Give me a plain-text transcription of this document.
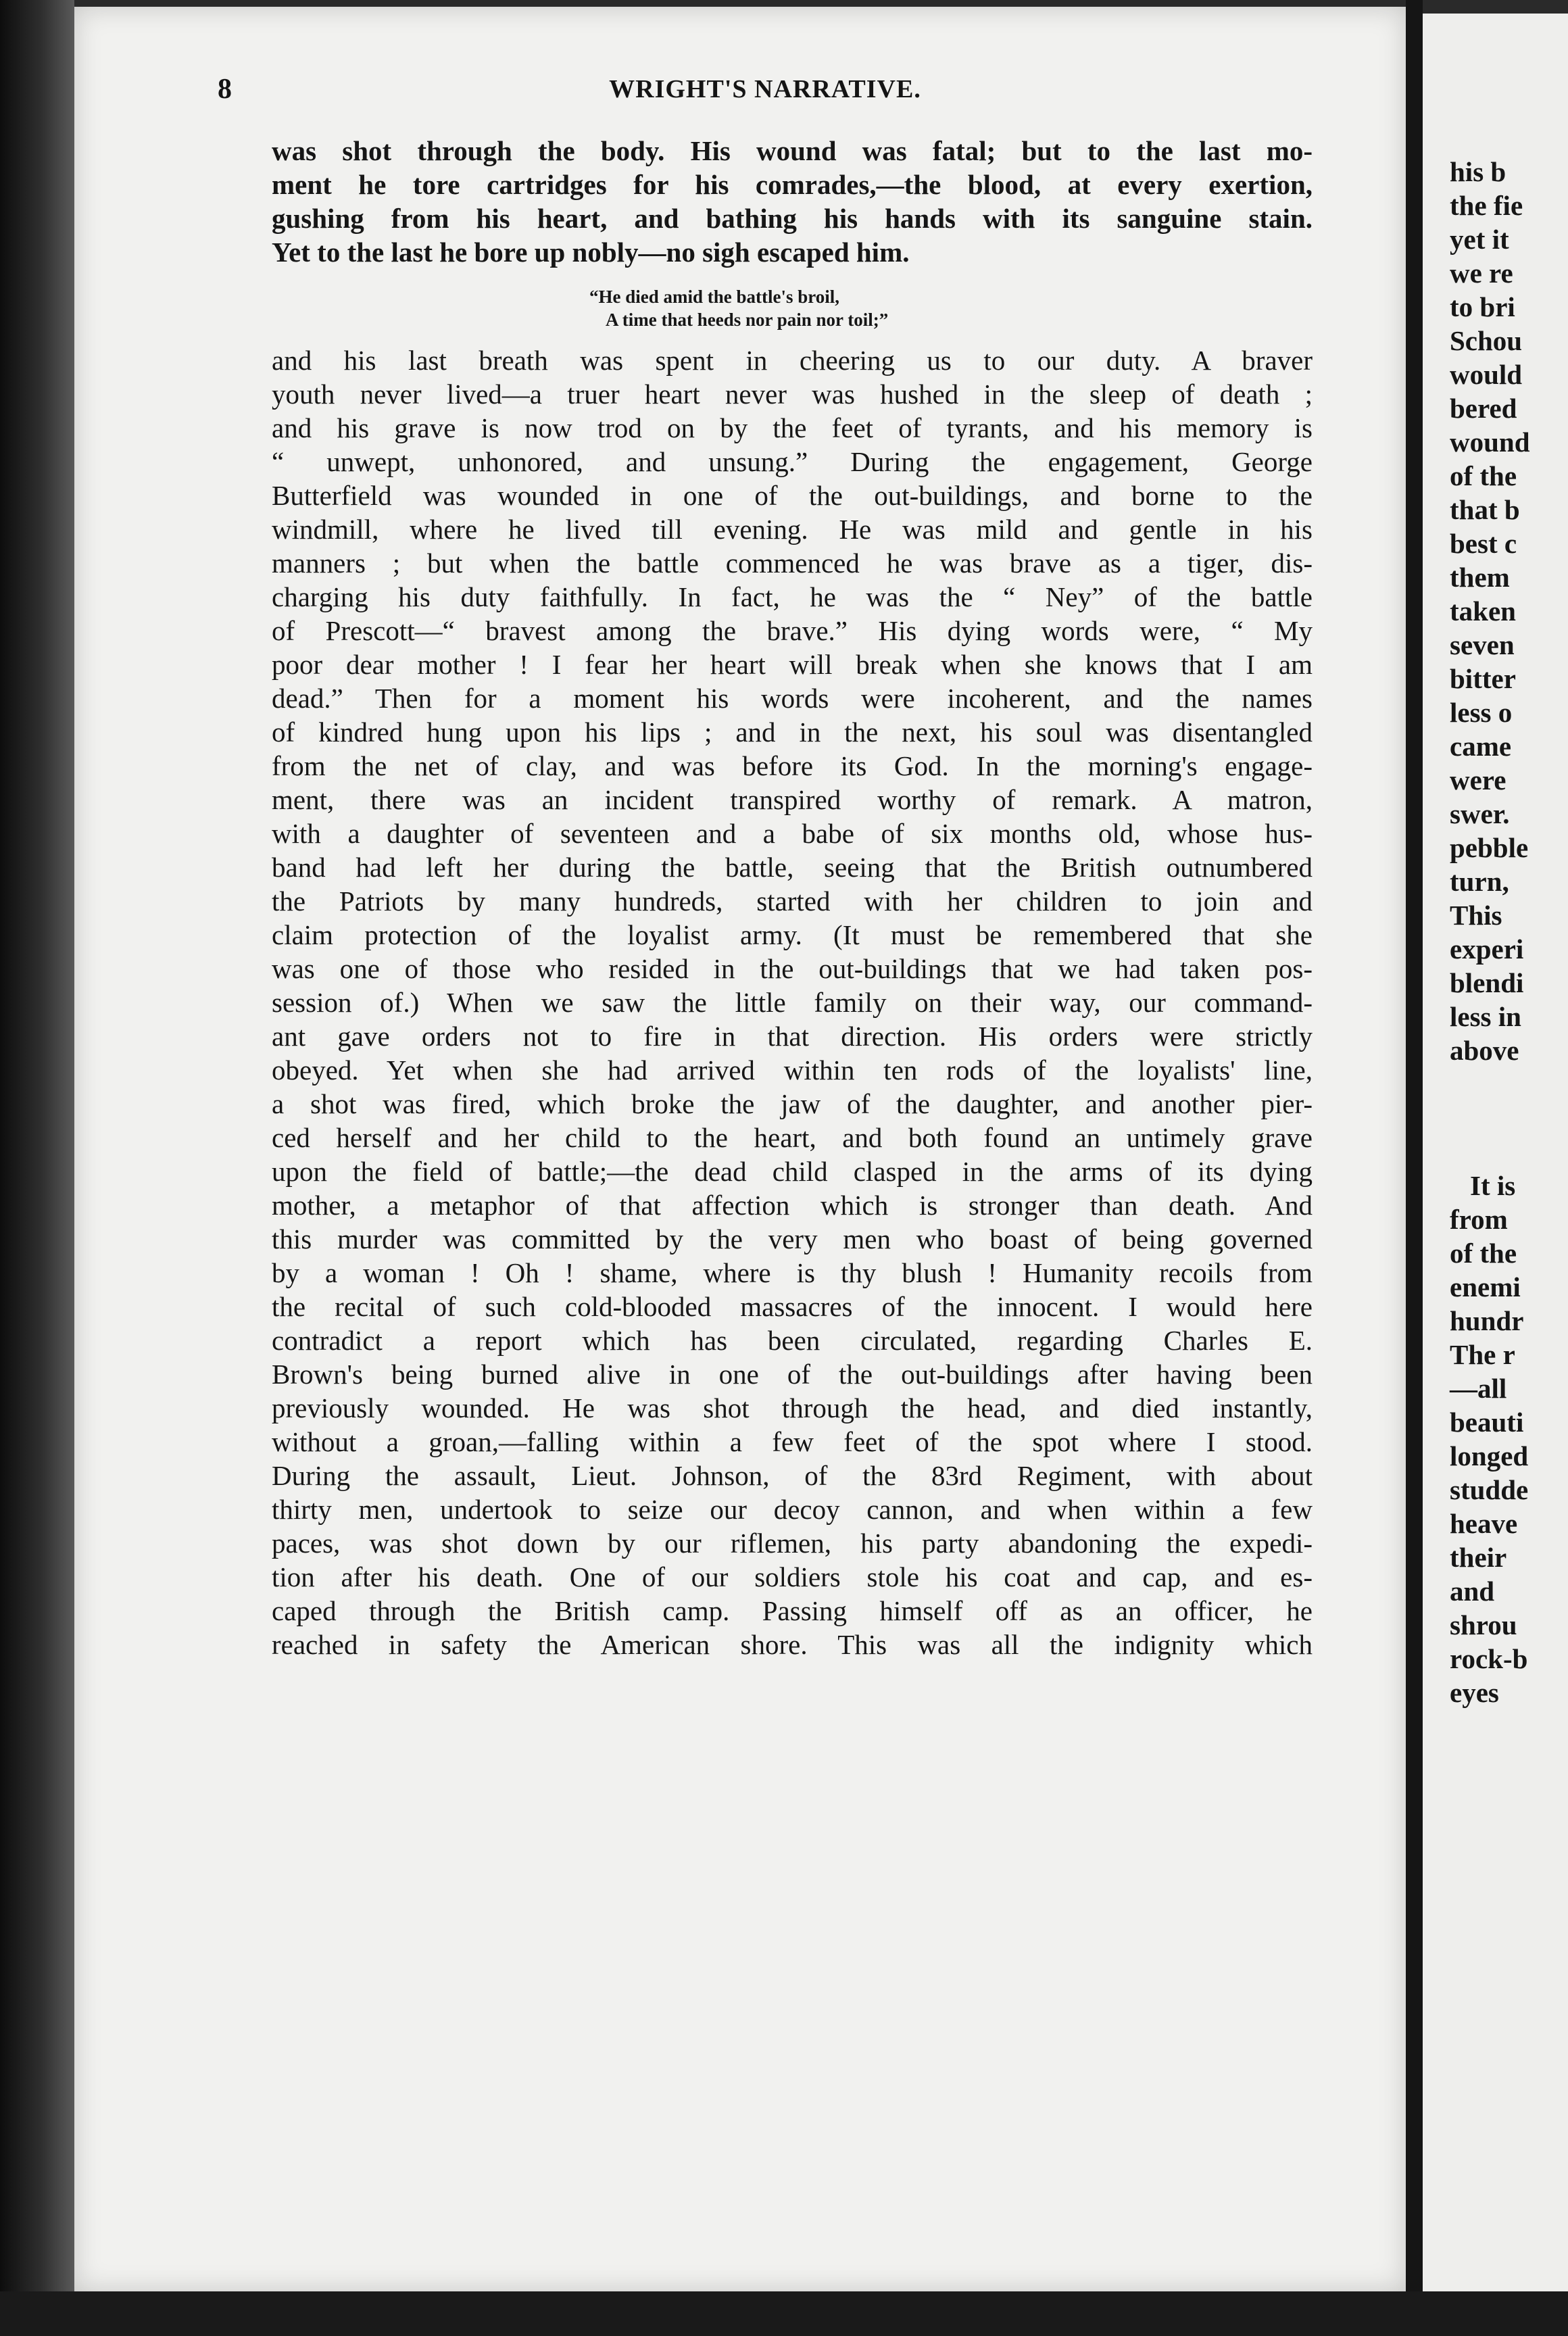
8	WRIGHT'S NARRATIVE.

was shot through the body. His wound was fatal; but to the last mo-

ment he tore cartridges for his comrades,—the blood, at every exertion,

gushing from his heart, and bathing his hands with its sanguine stain.

Yet to the last he bore up nobly—no sigh escaped him.

“He died amid the battle's broil,

A time that heeds nor pain nor toil;”

and his last breath was spent in cheering us to our duty. A braver

youth never lived—a truer heart never was hushed in the sleep of death ;

and his grave is now trod on by the feet of tyrants, and his memory is

“ unwept, unhonored, and unsung.” During the engagement, George

Butterfield was wounded in one of the out-buildings, and borne to the

windmill, where he lived till evening. He was mild and gentle in his

manners ; but when the battle commenced he was brave as a tiger, dis-

charging his duty faithfully. In fact, he was the “ Ney” of the battle

of Prescott—“ bravest among the brave.” His dying words were, “ My

poor dear mother ! I fear her heart will break when she knows that I am

dead.” Then for a moment his words were incoherent, and the names

of kindred hung upon his lips ; and in the next, his soul was disentangled

from the net of clay, and was before its God. In the morning's engage-

ment, there was an incident transpired worthy of remark. A matron,

with a daughter of seventeen and a babe of six months old, whose hus-

band had left her during the battle, seeing that the British outnumbered

the Patriots by many hundreds, started with her children to join and

claim protection of the loyalist army. (It must be remembered that she

was one of those who resided in the out-buildings that we had taken pos-

session of.) When we saw the little family on their way, our command-

ant gave orders not to fire in that direction. His orders were strictly

obeyed. Yet when she had arrived within ten rods of the loyalists' line,

a shot was fired, which broke the jaw of the daughter, and another pier-

ced herself and her child to the heart, and both found an untimely grave

upon the field of battle;—the dead child clasped in the arms of its dying

mother, a metaphor of that affection which is stronger than death. And

this murder was committed by the very men who boast of being governed

by a woman ! Oh ! shame, where is thy blush ! Humanity recoils from

the recital of such cold-blooded massacres of the innocent. I would here

contradict a report which has been circulated, regarding Charles E.

Brown's being burned alive in one of the out-buildings after having been

previously wounded. He was shot through the head, and died instantly,

without a groan,—falling within a few feet of the spot where I stood.

During the assault, Lieut. Johnson, of the 83rd Regiment, with about

thirty men, undertook to seize our decoy cannon, and when within a few

paces, was shot down by our riflemen, his party abandoning the expedi-

tion after his death. One of our soldiers stole his coat and cap, and es-

caped through the British camp. Passing himself off as an officer, he

reached in safety the American shore. This was all the indignity which

his b

the fie

yet it

we re

to bri

Schou

would

bered

wound

of the

that b

best c

them

taken

seven

bitter

less o

came

were

swer.

pebble

turn,

This

experi

blendi

less in

above

It is

from

of the

enemi

hundr

The r

—all

beauti

longed

studde

heave

their

and

shrou

rock-b

eyes
